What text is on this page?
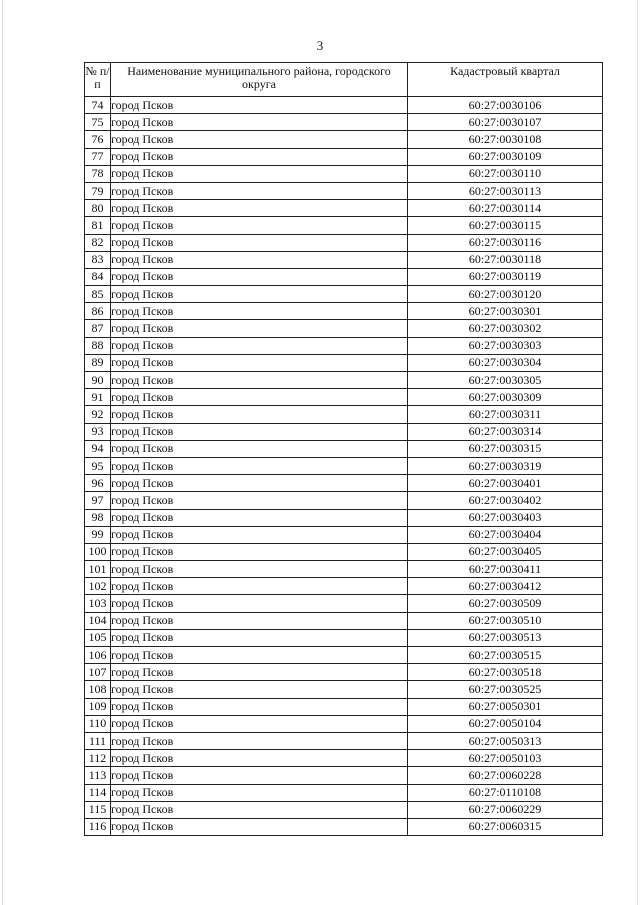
3
№ п/п	Наименование муниципального района, городского округа	Кадастровый квартал
74	город Псков	60:27:0030106
75	город Псков	60:27:0030107
76	город Псков	60:27:0030108
77	город Псков	60:27:0030109
78	город Псков	60:27:0030110
79	город Псков	60:27:0030113
80	город Псков	60:27:0030114
81	город Псков	60:27:0030115
82	город Псков	60:27:0030116
83	город Псков	60:27:0030118
84	город Псков	60:27:0030119
85	город Псков	60:27:0030120
86	город Псков	60:27:0030301
87	город Псков	60:27:0030302
88	город Псков	60:27:0030303
89	город Псков	60:27:0030304
90	город Псков	60:27:0030305
91	город Псков	60:27:0030309
92	город Псков	60:27:0030311
93	город Псков	60:27:0030314
94	город Псков	60:27:0030315
95	город Псков	60:27:0030319
96	город Псков	60:27:0030401
97	город Псков	60:27:0030402
98	город Псков	60:27:0030403
99	город Псков	60:27:0030404
100	город Псков	60:27:0030405
101	город Псков	60:27:0030411
102	город Псков	60:27:0030412
103	город Псков	60:27:0030509
104	город Псков	60:27:0030510
105	город Псков	60:27:0030513
106	город Псков	60:27:0030515
107	город Псков	60:27:0030518
108	город Псков	60:27:0030525
109	город Псков	60:27:0050301
110	город Псков	60:27:0050104
111	город Псков	60:27:0050313
112	город Псков	60:27:0050103
113	город Псков	60:27:0060228
114	город Псков	60:27:0110108
115	город Псков	60:27:0060229
116	город Псков	60:27:0060315
